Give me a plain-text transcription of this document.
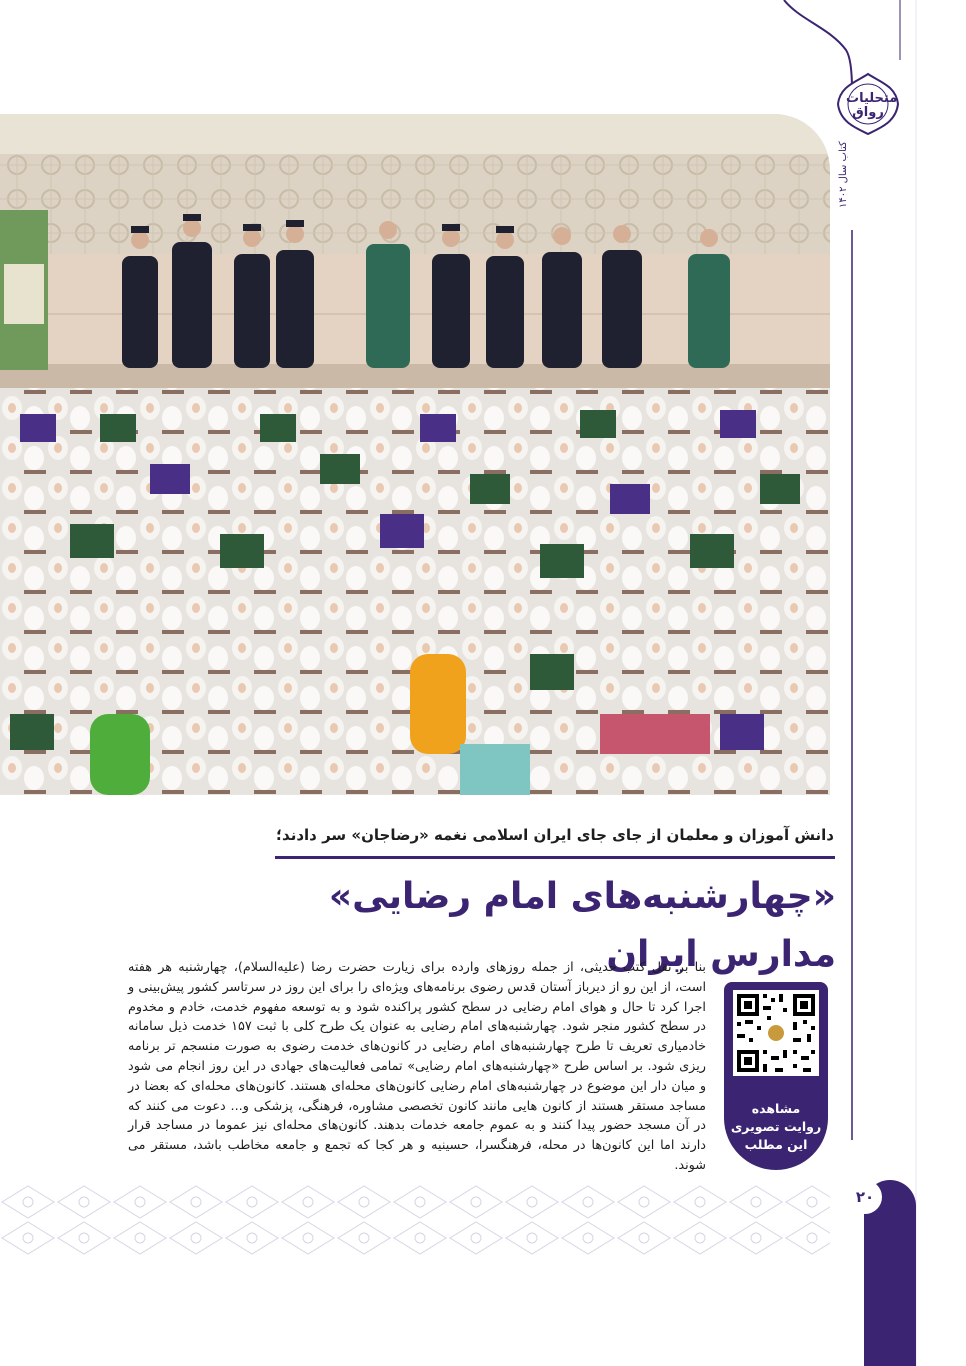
متحلیات رواق
کتاب سال ۱۴۰۲
دانش آموزان و معلمان از جای جای ایران اسلامی نغمه «رضاجان» سر دادند؛
«چهارشنبه‌های امام رضایی» مدارس ایران
بنا بر نقل کتب حدیثی، از جمله روزهای وارده برای زیارت حضرت رضا (علیه‌السلام)، چهارشنبه هر هفته است، از این رو از دیرباز آستان قدس رضوی برنامه‌های ویژه‌ای را برای این روز در سرتاسر کشور پیش‌بینی و اجرا کرد تا حال و هوای امام رضایی در سطح کشور پراکنده شود و به توسعه مفهوم خدمت، خادم و مخدوم در سطح کشور منجر شود. چهارشنبه‌های امام رضایی به عنوان یک طرح کلی با ثبت ۱۵۷ خدمت ذیل سامانه خادمیاری تعریف تا طرح چهارشنبه‌های امام رضایی در کانون‌های خدمت رضوی به صورت منسجم تر برنامه ریزی شود. بر اساس طرح «چهارشنبه‌های امام رضایی» تمامی فعالیت‌های جهادی در این روز انجام می شود و میان دار این موضوع در چهارشنبه‌های امام رضایی کانون‌های محله‌ای هستند. کانون‌های محله‌ای که بعضا در مساجد مستقر هستند از کانون هایی مانند کانون تخصصی مشاوره، فرهنگی، پزشکی و... دعوت می کنند که در آن مسجد حضور پیدا کنند و به عموم جامعه خدمات بدهند. کانون‌های محله‌ای نیز عموما در مساجد قرار دارند اما این کانون‌ها در محله، فرهنگسرا، حسینیه و هر کجا که تجمع و جامعه مخاطب باشد، مستقر می شوند.
مشاهده
روایت تصویری
این مطلب
۲۰
